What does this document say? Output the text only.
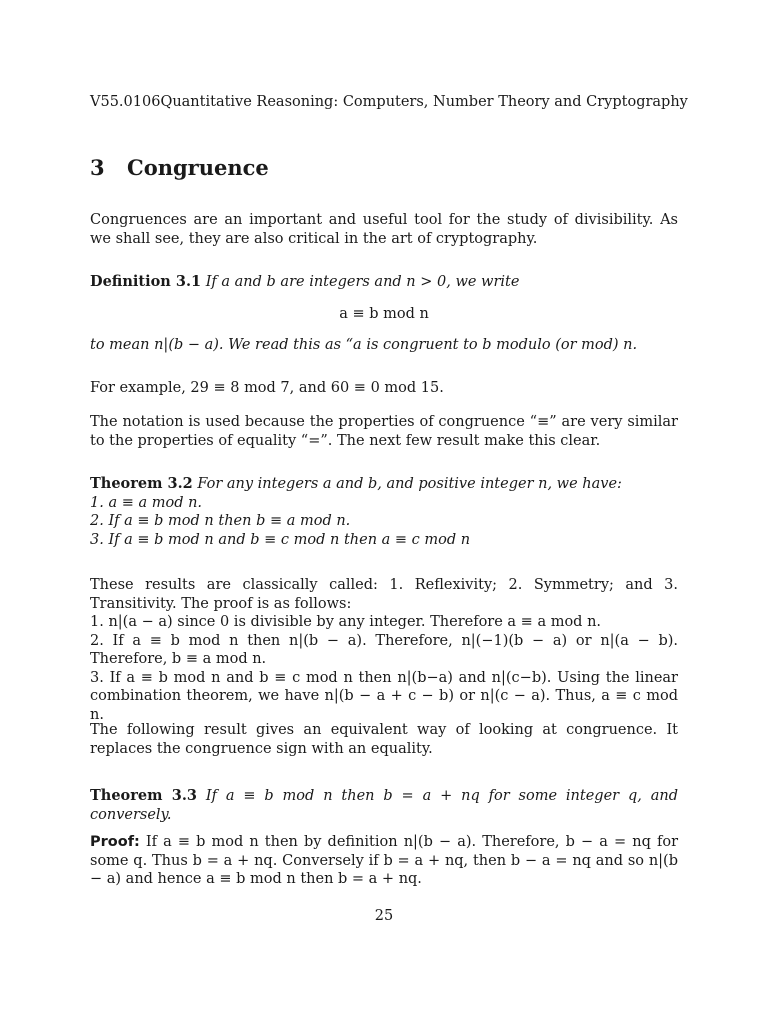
V55.0106 Quantitative Reasoning: Computers, Number Theory and Cryptography
3 Congruence

Congruences are an important and useful tool for the study of divisibility. As we shall see, they are also critical in the art of cryptography.

Definition 3.1 If a and b are integers and n > 0, we write

a ≡ b mod n

to mean n|(b − a). We read this as “a is congruent to b modulo (or mod) n.

For example, 29 ≡ 8 mod 7, and 60 ≡ 0 mod 15.

The notation is used because the properties of congruence “≡” are very similar to the properties of equality “=”. The next few result make this clear.

Theorem 3.2 For any integers a and b, and positive integer n, we have:
1. a ≡ a mod n.
2. If a ≡ b mod n then b ≡ a mod n.
3. If a ≡ b mod n and b ≡ c mod n then a ≡ c mod n
These results are classically called: 1. Reflexivity; 2. Symmetry; and 3. Transitivity. The proof is as follows:
1. n|(a − a) since 0 is divisible by any integer. Therefore a ≡ a mod n.
2. If a ≡ b mod n then n|(b − a). Therefore, n|(−1)(b − a) or n|(a − b). Therefore, b ≡ a mod n.
3. If a ≡ b mod n and b ≡ c mod n then n|(b−a) and n|(c−b). Using the linear combination theorem, we have n|(b − a + c − b) or n|(c − a). Thus, a ≡ c mod n.

The following result gives an equivalent way of looking at congruence. It replaces the congruence sign with an equality.

Theorem 3.3 If a ≡ b mod n then b = a + nq for some integer q, and conversely.

Proof: If a ≡ b mod n then by definition n|(b − a). Therefore, b − a = nq for some q. Thus b = a + nq. Conversely if b = a + nq, then b − a = nq and so n|(b − a) and hence a ≡ b mod n then b = a + nq.

25
